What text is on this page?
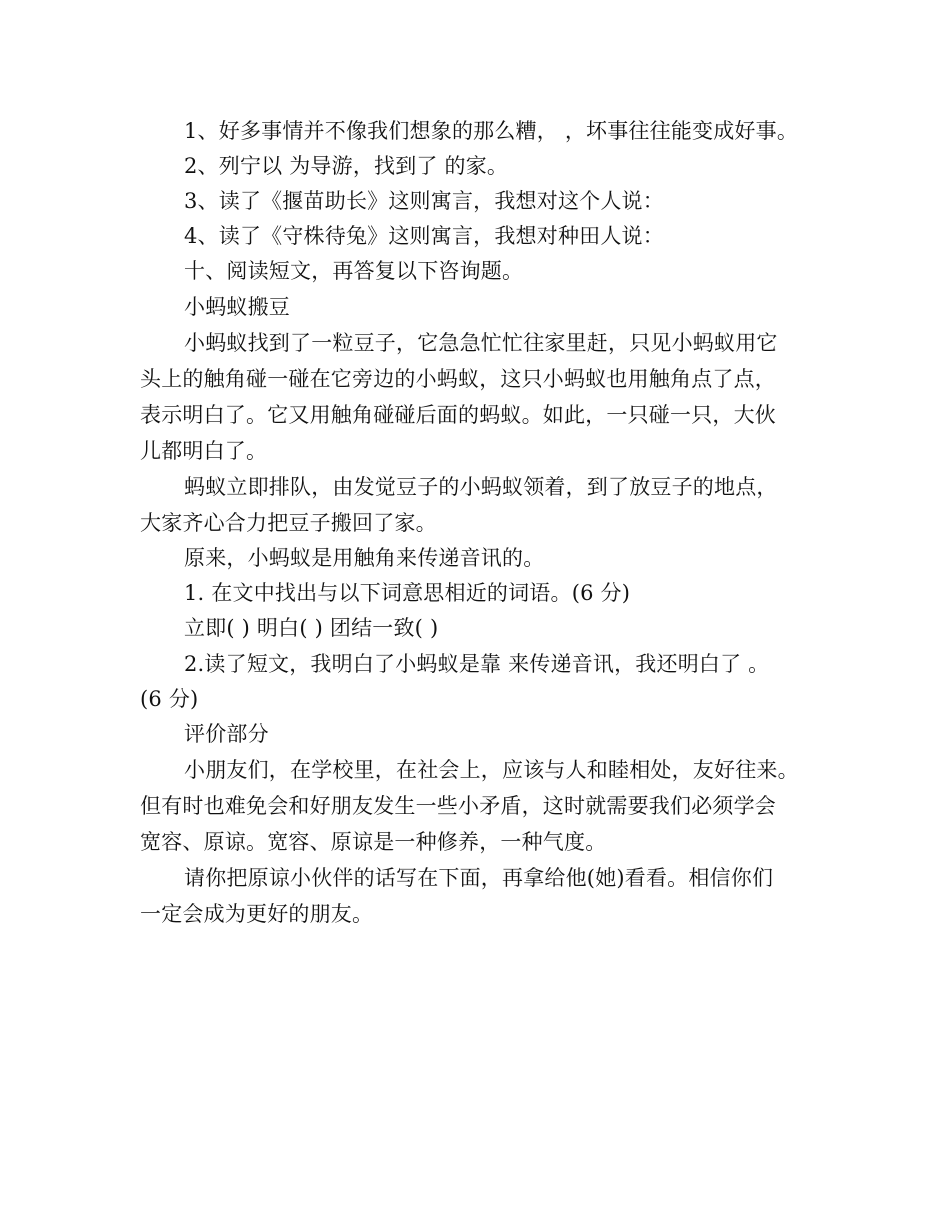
1、好多事情并不像我们想象的那么糟， ，坏事往往能变成好事。
2、列宁以 为导游，找到了 的家。
3、读了《揠苗助长》这则寓言，我想对这个人说：
4、读了《守株待兔》这则寓言，我想对种田人说：
十、阅读短文，再答复以下咨询题。
小蚂蚁搬豆
小蚂蚁找到了一粒豆子，它急急忙忙往家里赶，只见小蚂蚁用它
头上的触角碰一碰在它旁边的小蚂蚁，这只小蚂蚁也用触角点了点，
表示明白了。它又用触角碰碰后面的蚂蚁。如此，一只碰一只，大伙
儿都明白了。
蚂蚁立即排队，由发觉豆子的小蚂蚁领着，到了放豆子的地点，
大家齐心合力把豆子搬回了家。
原来，小蚂蚁是用触角来传递音讯的。
1. 在文中找出与以下词意思相近的词语。(6 分)
立即( ) 明白( ) 团结一致( )
2.读了短文，我明白了小蚂蚁是靠 来传递音讯，我还明白了 。
(6 分)
评价部分
小朋友们，在学校里，在社会上，应该与人和睦相处，友好往来。
但有时也难免会和好朋友发生一些小矛盾，这时就需要我们必须学会
宽容、原谅。宽容、原谅是一种修养，一种气度。
请你把原谅小伙伴的话写在下面，再拿给他(她)看看。相信你们
一定会成为更好的朋友。
